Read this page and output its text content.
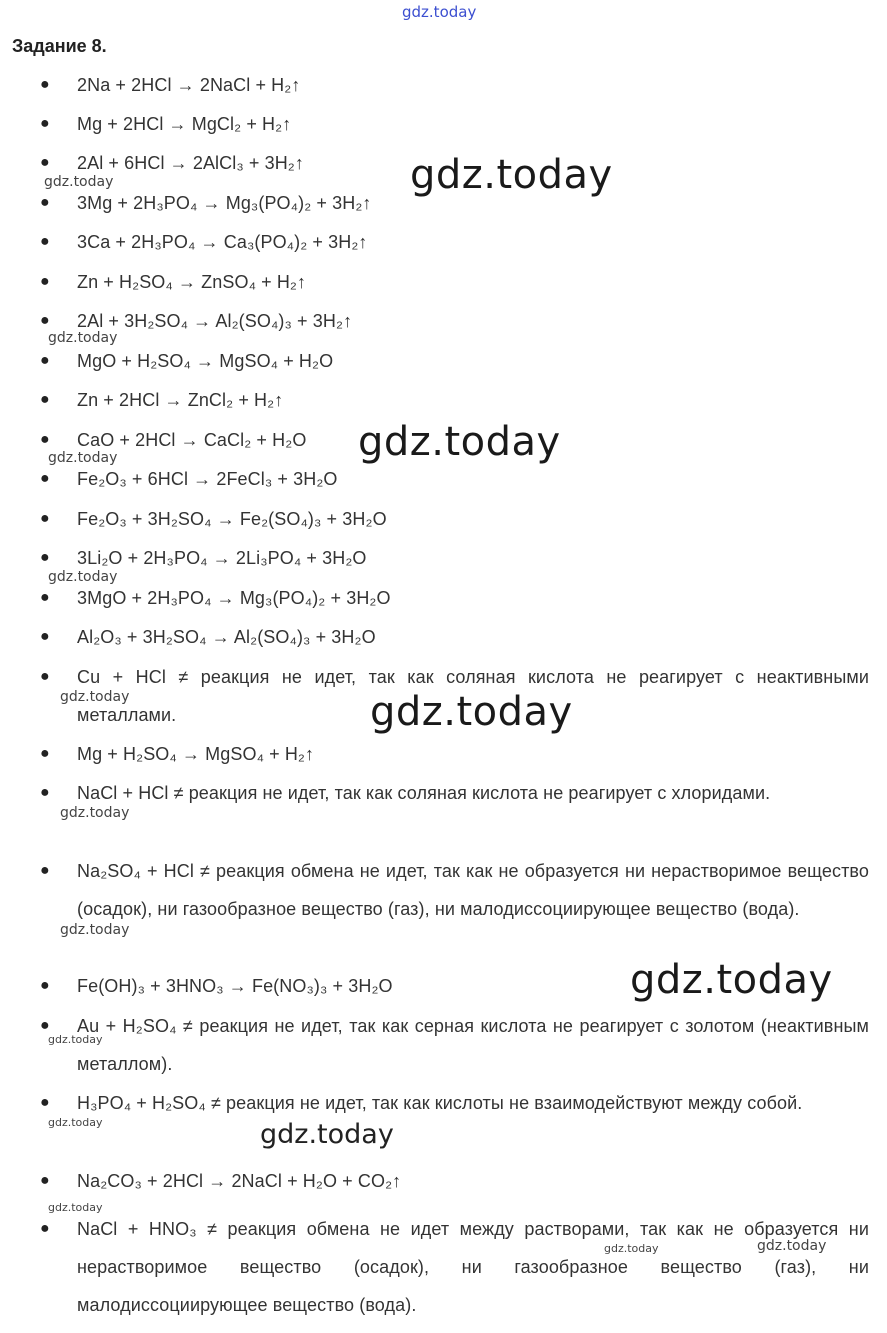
gdz.today
Задание 8.
●	2Na + 2HCl → 2NaCl + H₂↑
●	Mg + 2HCl → MgCl₂ + H₂↑
●	2Al + 6HCl → 2AlCl₃ + 3H₂↑
●	3Mg + 2H₃PO₄ → Mg₃(PO₄)₂ + 3H₂↑
●	3Ca + 2H₃PO₄ → Ca₃(PO₄)₂ + 3H₂↑
●	Zn + H₂SO₄ → ZnSO₄ + H₂↑
●	2Al + 3H₂SO₄ → Al₂(SO₄)₃ + 3H₂↑
●	MgO + H₂SO₄ → MgSO₄ + H₂O
●	Zn + 2HCl → ZnCl₂ + H₂↑
●	CaO + 2HCl → CaCl₂ + H₂O
●	Fe₂O₃ + 6HCl → 2FeCl₃ + 3H₂O
●	Fe₂O₃ + 3H₂SO₄ → Fe₂(SO₄)₃ + 3H₂O
●	3Li₂O + 2H₃PO₄ → 2Li₃PO₄ + 3H₂O
●	3MgO + 2H₃PO₄ → Mg₃(PO₄)₂ + 3H₂O
●	Al₂O₃ + 3H₂SO₄ → Al₂(SO₄)₃ + 3H₂O
●	Cu + HCl ≠ реакция не идет, так как соляная кислота не реагирует с неактивными металлами.
●	Mg + H₂SO₄ → MgSO₄ + H₂↑
●	NaCl + HCl ≠ реакция не идет, так как соляная кислота не реагирует с хлоридами.
●	Na₂SO₄ + HCl ≠ реакция обмена не идет, так как не образуется ни нерастворимое вещество (осадок), ни газообразное вещество (газ), ни малодиссоциирующее вещество (вода).
●	Fe(OH)₃ + 3HNO₃ → Fe(NO₃)₃ + 3H₂O
●	Au + H₂SO₄ ≠ реакция не идет, так как серная кислота не реагирует с золотом (неактивным металлом).
●	H₃PO₄ + H₂SO₄ ≠ реакция не идет, так как кислоты не взаимодействуют между собой.
●	Na₂CO₃ + 2HCl → 2NaCl + H₂O + CO₂↑
●	NaCl + HNO₃ ≠ реакция обмена не идет между растворами, так как не образуется ни нерастворимое вещество (осадок), ни газообразное вещество (газ), ни малодиссоциирующее вещество (вода).
gdz.today
gdz.today
gdz.today
gdz.today
gdz.today
gdz.today
gdz.today
gdz.today
gdz.today
gdz.today
gdz.today
gdz.today
gdz.today
gdz.today
gdz.today
gdz.today	gdz.today
